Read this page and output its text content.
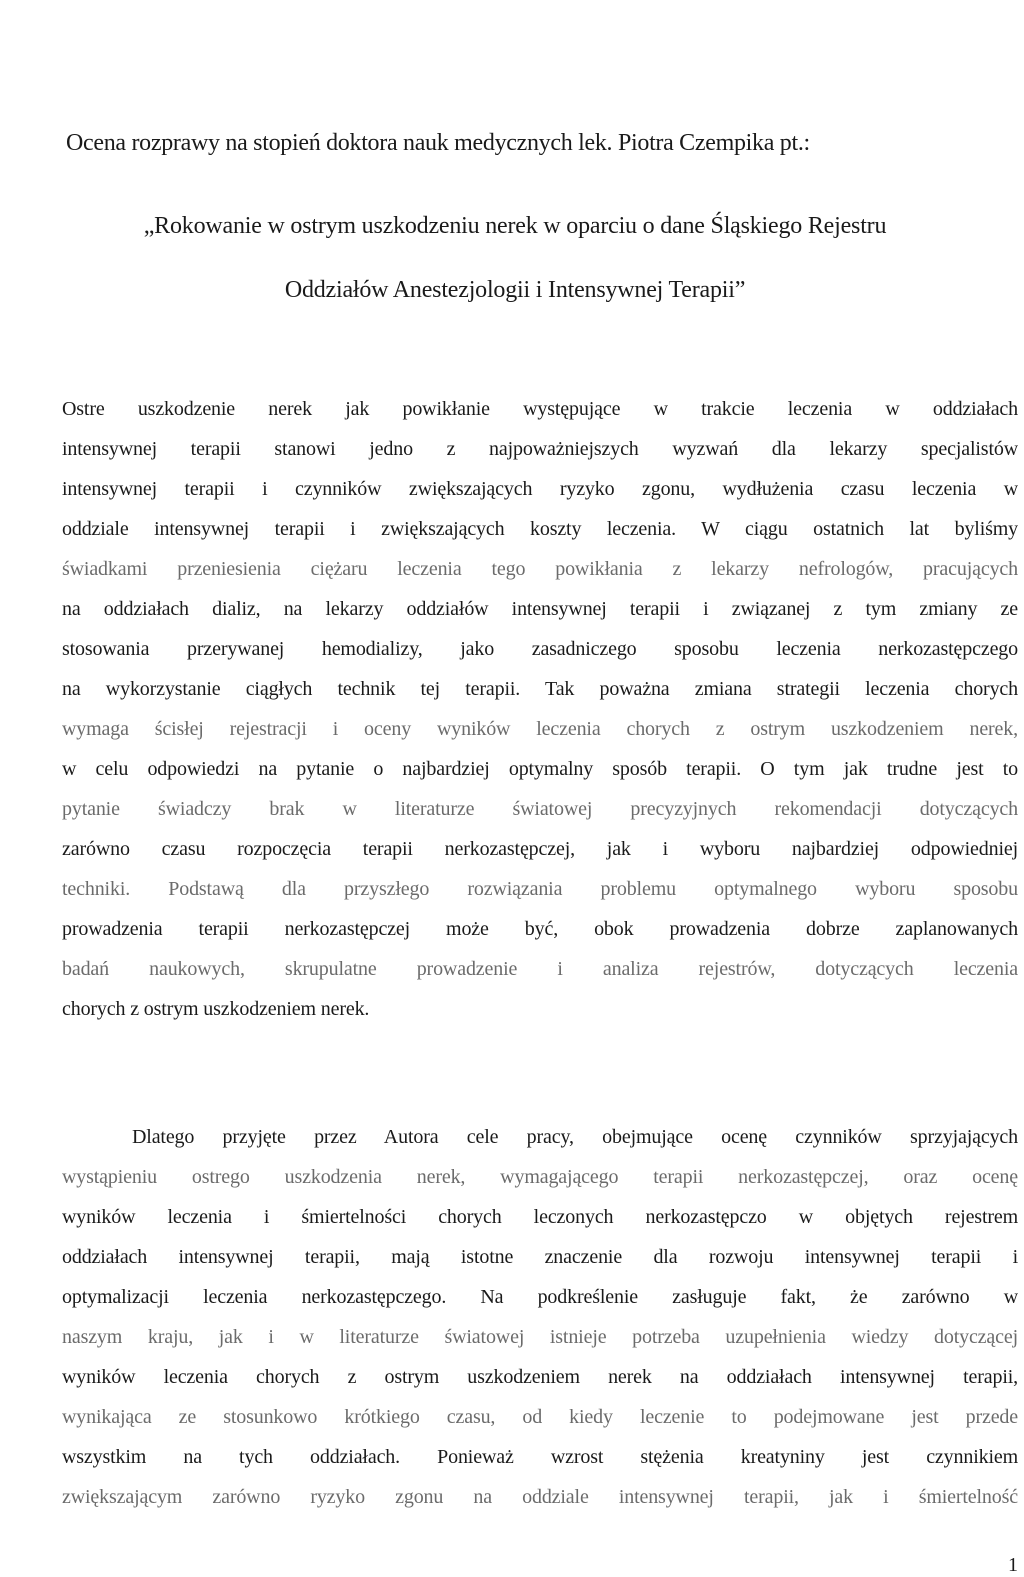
Ocena rozprawy na stopień doktora nauk medycznych lek. Piotra Czempika pt.:
„Rokowanie w ostrym uszkodzeniu nerek w oparciu o dane Śląskiego Rejestru
Oddziałów Anestezjologii i Intensywnej Terapii”
Ostre uszkodzenie nerek jak powikłanie występujące w trakcie leczenia w oddziałach
intensywnej terapii stanowi jedno z najpoważniejszych wyzwań dla lekarzy specjalistów
intensywnej terapii i czynników zwiększających ryzyko zgonu, wydłużenia czasu leczenia w
oddziale intensywnej terapii i zwiększających koszty leczenia. W ciągu ostatnich lat byliśmy
świadkami przeniesienia ciężaru leczenia tego powikłania z lekarzy nefrologów, pracujących
na oddziałach dializ, na lekarzy oddziałów intensywnej terapii i związanej z tym zmiany ze
stosowania przerywanej hemodializy, jako zasadniczego sposobu leczenia nerkozastępczego
na wykorzystanie ciągłych technik tej terapii. Tak poważna zmiana strategii leczenia chorych
wymaga ścisłej rejestracji i oceny wyników leczenia chorych z ostrym uszkodzeniem nerek,
w celu odpowiedzi na pytanie o najbardziej optymalny sposób terapii. O tym jak trudne jest to
pytanie świadczy brak w literaturze światowej precyzyjnych rekomendacji dotyczących
zarówno czasu rozpoczęcia terapii nerkozastępczej, jak i wyboru najbardziej odpowiedniej
techniki. Podstawą dla przyszłego rozwiązania problemu optymalnego wyboru sposobu
prowadzenia terapii nerkozastępczej może być, obok prowadzenia dobrze zaplanowanych
badań naukowych, skrupulatne prowadzenie i analiza rejestrów, dotyczących leczenia
chorych z ostrym uszkodzeniem nerek.
Dlatego przyjęte przez Autora cele pracy, obejmujące ocenę czynników sprzyjających
wystąpieniu ostrego uszkodzenia nerek, wymagającego terapii nerkozastępczej, oraz ocenę
wyników leczenia i śmiertelności chorych leczonych nerkozastępczo w objętych rejestrem
oddziałach intensywnej terapii, mają istotne znaczenie dla rozwoju intensywnej terapii i
optymalizacji leczenia nerkozastępczego. Na podkreślenie zasługuje fakt, że zarówno w
naszym kraju, jak i w literaturze światowej istnieje potrzeba uzupełnienia wiedzy dotyczącej
wyników leczenia chorych z ostrym uszkodzeniem nerek na oddziałach intensywnej terapii,
wynikająca ze stosunkowo krótkiego czasu, od kiedy leczenie to podejmowane jest przede
wszystkim na tych oddziałach. Ponieważ wzrost stężenia kreatyniny jest czynnikiem
zwiększającym zarówno ryzyko zgonu na oddziale intensywnej terapii, jak i śmiertelność
1
